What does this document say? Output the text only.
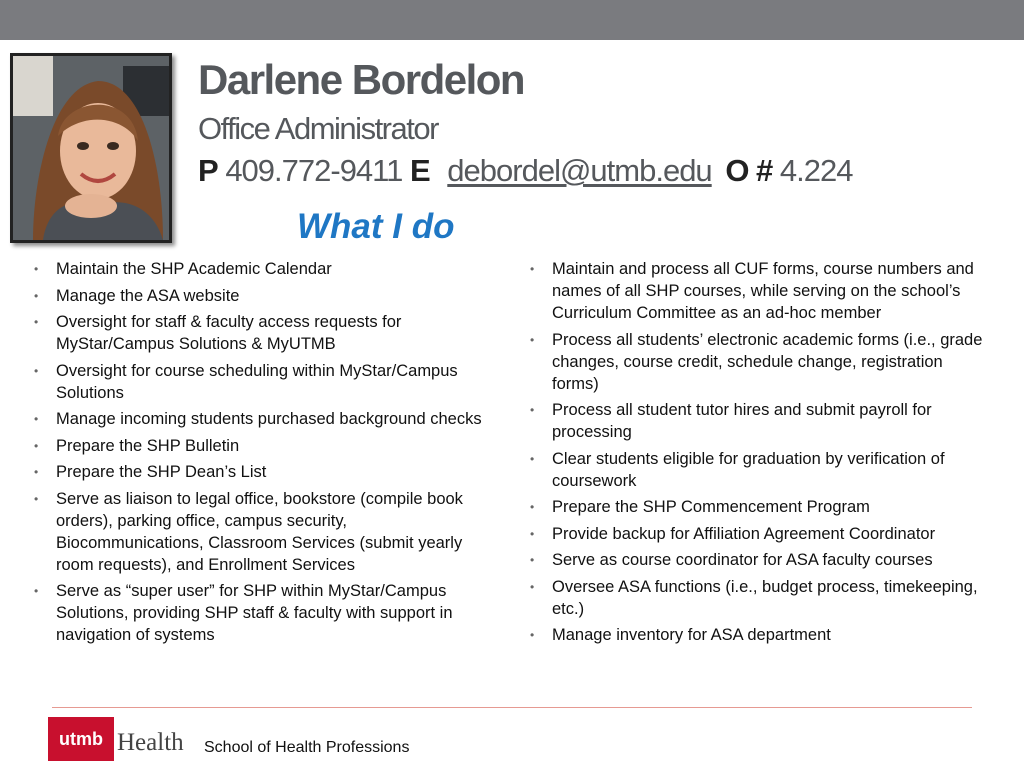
Darlene Bordelon
Office Administrator
P 409.772-9411 E debordel@utmb.edu O # 4.224
What I do
• Maintain the SHP Academic Calendar
• Manage the ASA website
• Oversight for staff & faculty access requests for MyStar/Campus Solutions & MyUTMB
• Oversight for course scheduling within MyStar/Campus Solutions
• Manage incoming students purchased background checks
• Prepare the SHP Bulletin
• Prepare the SHP Dean’s List
• Serve as liaison to legal office, bookstore (compile book orders), parking office, campus security, Biocommunications, Classroom Services (submit yearly room requests), and Enrollment Services
• Serve as “super user” for SHP within MyStar/Campus Solutions, providing SHP staff & faculty with support in navigation of systems
• Maintain and process all CUF forms, course numbers and names of all SHP courses, while serving on the school’s Curriculum Committee as an ad-hoc member
• Process all students’ electronic academic forms (i.e., grade changes, course credit, schedule change, registration forms)
• Process all student tutor hires and submit payroll for processing
• Clear students eligible for graduation by verification of coursework
• Prepare the SHP Commencement Program
• Provide backup for Affiliation Agreement Coordinator
• Serve as course coordinator for ASA faculty courses
• Oversee ASA functions (i.e., budget process, timekeeping, etc.)
• Manage inventory for ASA department
utmb Health School of Health Professions
